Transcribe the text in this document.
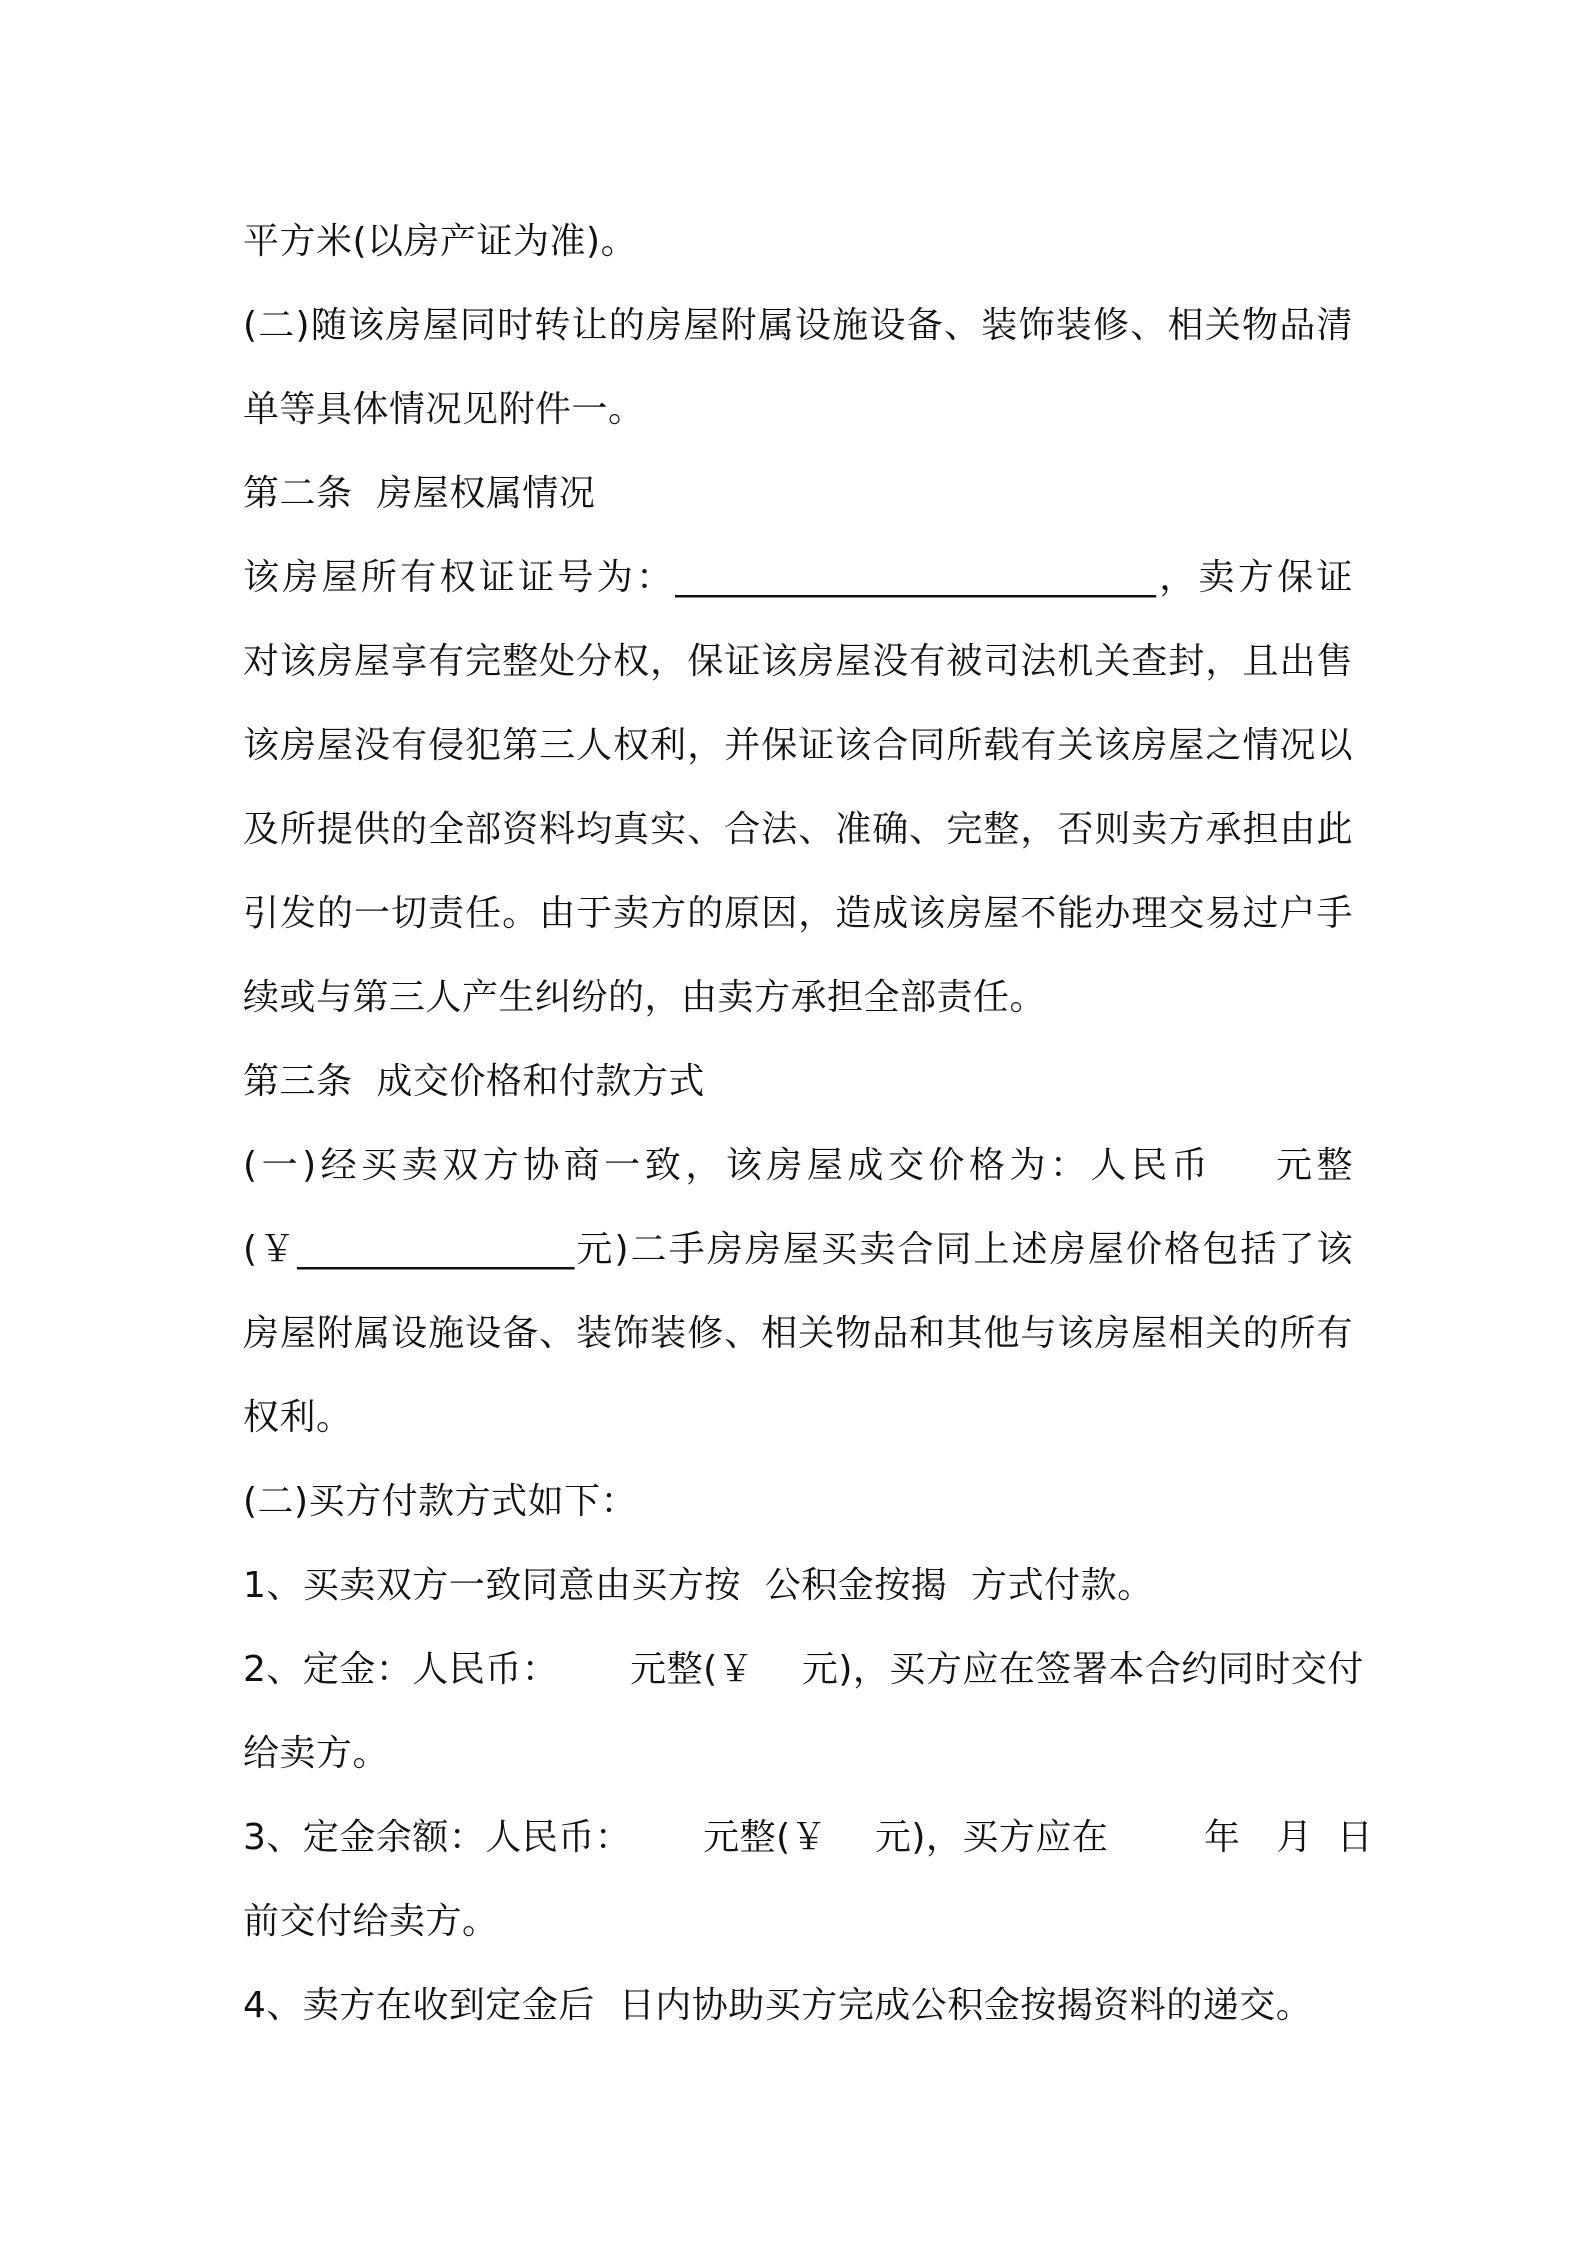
平方米(以房产证为准)。
(二)随该房屋同时转让的房屋附属设施设备、装饰装修、相关物品清
单等具体情况见附件一。
第二条  房屋权属情况
该房屋所有权证证号为：__________________________，卖方保证
对该房屋享有完整处分权，保证该房屋没有被司法机关查封，且出售
该房屋没有侵犯第三人权利，并保证该合同所载有关该房屋之情况以
及所提供的全部资料均真实、合法、准确、完整，否则卖方承担由此
引发的一切责任。由于卖方的原因，造成该房屋不能办理交易过户手
续或与第三人产生纠纷的，由卖方承担全部责任。
第三条  成交价格和付款方式
(一)经买卖双方协商一致，该房屋成交价格为：人民币    元整
(￥_______________元)二手房房屋买卖合同上述房屋价格包括了该
房屋附属设施设备、装饰装修、相关物品和其他与该房屋相关的所有
权利。
(二)买方付款方式如下：
1、买卖双方一致同意由买方按  公积金按揭  方式付款。
2、定金：人民币：      元整(￥    元)，买方应在签署本合约同时交付
给卖方。
3、定金余额：人民币：      元整(￥    元)，买方应在        年   月  日
前交付给卖方。
4、卖方在收到定金后  日内协助买方完成公积金按揭资料的递交。
